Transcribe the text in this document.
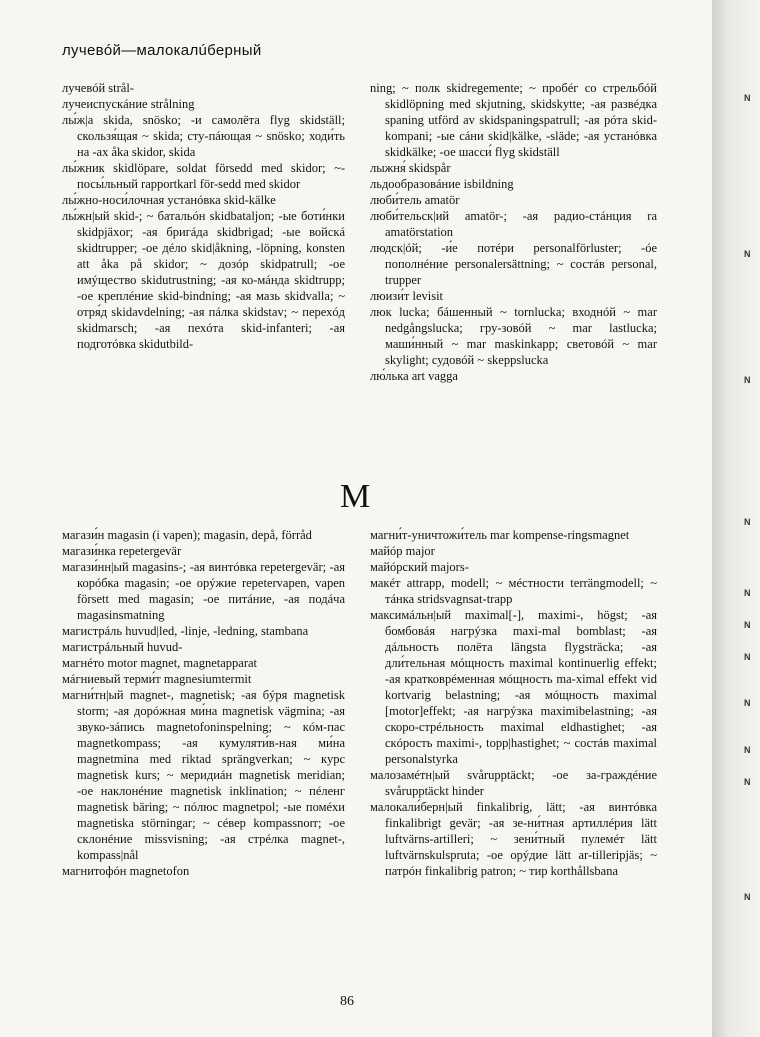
лучевóй—малокалúберный

лучевóй strål-

лучеиспускáние strålning

лы́ж|а skida, snösko; -и самолёта flyg skidställ; скользя́щая ~ skida; сту-пáющая ~ snösko; ходи́ть на -ах åka skidor, skida

лы́жник skidlöpare, soldat försedd med skidor; ~-посы́льный rapportkarl för-sedd med skidor

лы́жно-носи́лочная устанóвка skid-kälke

лы́жн|ый skid-; ~ батальóн skidbataljon; -ые боти́нки skidpjäxor; -ая бригáда skidbrigad; -ые войскá skidtrupper; -ое дéло skid|åkning, -löpning, konsten att åka på skidor; ~ дозóр skidpatrull; -ое имýщество skidutrustning; -ая ко-мáнда skidtrupp; -ое креплéние skid-bindning; -ая мазь skidvalla; ~ отря́д skidavdelning; -ая пáлка skidstav; ~ перехóд skidmarsch; -ая пехóта skid-infanteri; -ая подготóвка skidutbild-

ning; ~ полк skidregemente; ~ пробéг со стрельбóй skidlöpning med skjutning, skidskytte; -ая развéдка spaning utförd av skidspaningspatrull; -ая рóта skid-kompani; -ые сáни skid|kälke, -släde; -ая устанóвка skidkälke; -ое шасси́ flyg skidställ

лыжня́ skidspår

льдообразовáние isbildning

люби́тель amatör

люби́тельск|ий amatör-; -ая радио-стáнция ra amatörstation

людск|óй; -и́е потéри personalförluster; -óе пополнéние personalersättning; ~ состáв personal, trupper

люизи́т levisit

люк lucka; бáшенный ~ tornlucka; входнóй ~ mar nedgångslucka; гру-зовóй ~ mar lastlucka; маши́нный ~ mar maskinkapp; световóй ~ mar skylight; судовóй ~ skeppslucka

лю́лька art vagga

М

магази́н magasin (i vapen); magasin, depå, förråd

магази́нка repetergevär

магази́нн|ый magasins-; -ая винтóвка repetergevär; -ая корóбка magasin; -ое орýжие repetervapen, vapen försett med magasin; -ое питáние, -ая подáча magasinsmatning

магистрáль huvud|led, -linje, -ledning, stambana

магистрáльный huvud-

магнéто motor magnet, magnetapparat

мáгниевый терми́т magnesiumtermit

магни́тн|ый magnet-, magnetisk; -ая бýря magnetisk storm; -ая дорóжная ми́на magnetisk vägmina; -ая звуко-зáпись magnetofoninspelning; ~ кóм-пас magnetkompass; -ая кумуляти́в-ная ми́на magnetmina med riktad sprängverkan; ~ курс magnetisk kurs; ~ меридиáн magnetisk meridian; -ое наклонéние magnetisk inklination; ~ пéленг magnetisk bäring; ~ пóлюс magnetpol; -ые помéхи magnetiska störningar; ~ сéвер kompassnorr; -ое склонéние missvisning; -ая стрéлка magnet-, kompass|nål

магнитофóн magnetofon

магни́т-уничтожи́тель mar kompense-ringsmagnet

майóр major

майóрский majors-

макéт attrapp, modell; ~ мéстности terrängmodell; ~ тáнка stridsvagnsat-trapp

максимáльн|ый maximal[-], maximi-, högst; -ая бомбовáя нагрýзка maxi-mal bomblast; -ая дáльность полёта längsta flygsträcka; -ая дли́тельная мóщность maximal kontinuerlig effekt; -ая кратковрéменная мóщность ma-ximal effekt vid kortvarig belastning; -ая мóщность maximal [motor]effekt; -ая нагрýзка maximibelastning; -ая скоро-стрéльность maximal eldhastighet; -ая скóрость maximi-, topp|hastighet; ~ состáв maximal personalstyrka

малозамéтн|ый svårupptäckt; -ое за-граждéние svårupptäckt hinder

малокали́берн|ый finkalibrig, lätt; -ая винтóвка finkalibrigt gevär; -ая зе-ни́тная артиллéрия lätt luftvärns-artilleri; ~ зени́тный пулемéт lätt luftvärnskulspruta; -ое орýдие lätt ar-tilleripjäs; ~ патрóн finkalibrig patron; ~ тир korthållsbana

86
N
N
N
N
N
N
N
N
N
N
N
